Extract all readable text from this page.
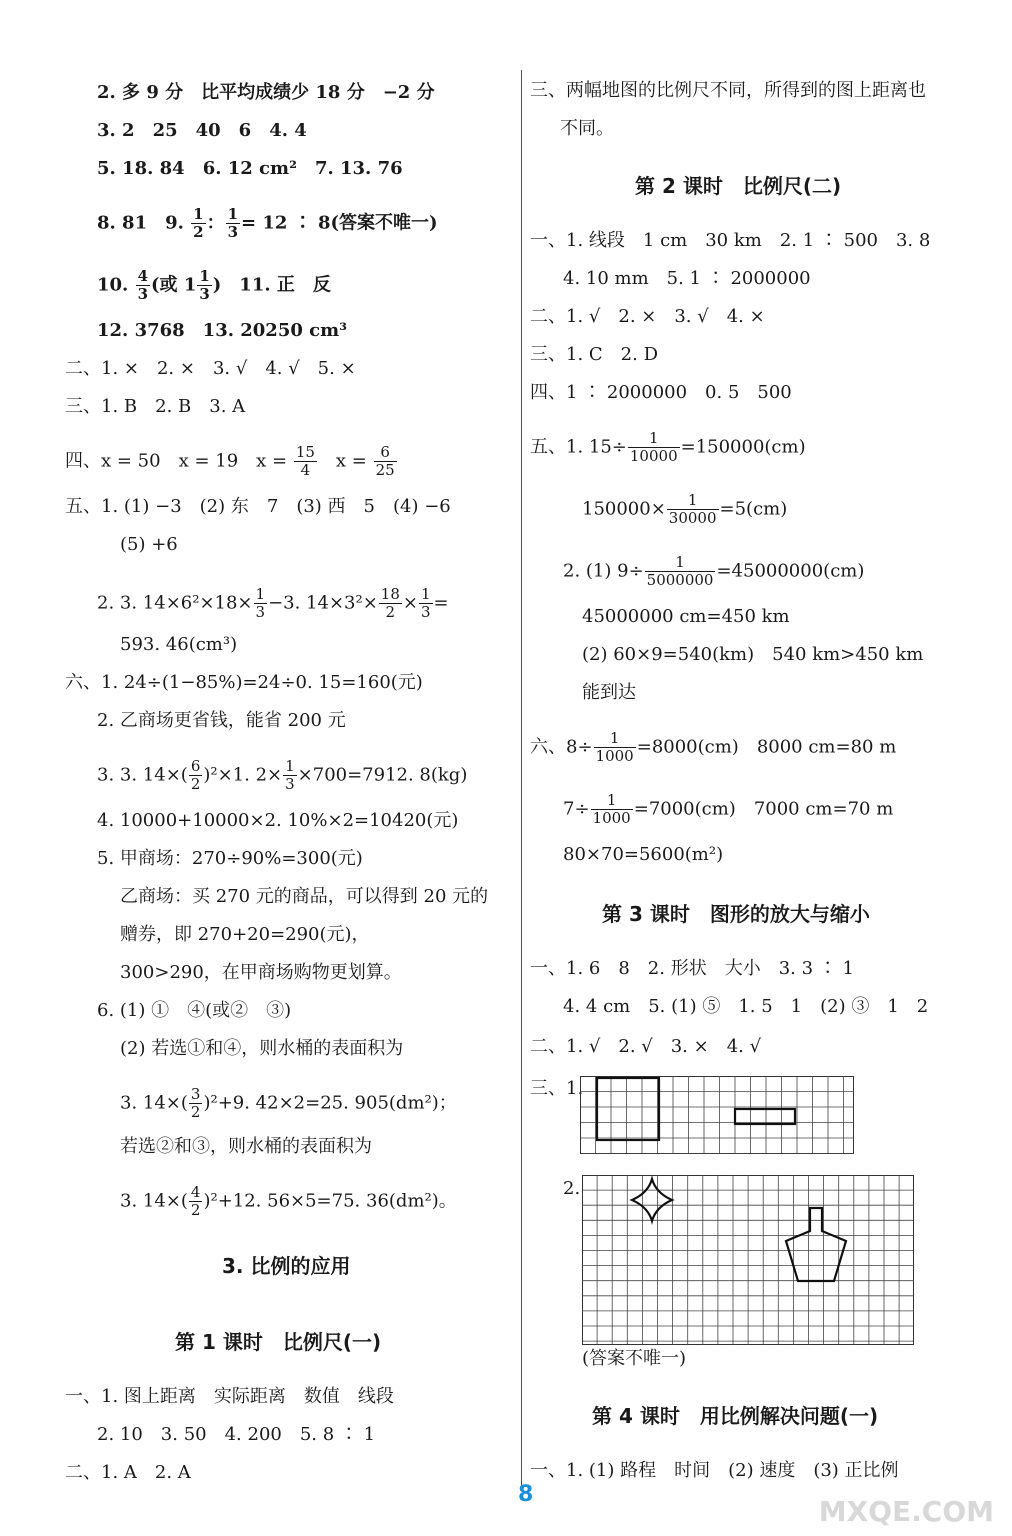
2. 多 9 分　比平均成绩少 18 分　−2 分
3. 2　25　40　6　4. 4
5. 18. 84　6. 12 cm²　7. 13. 76
8. 81　9. $\frac{1}{2}$ ： $\frac{1}{3} = 12$ ∶ 8(答案不唯一)
10. $\frac{4}{3}$ (或 $1 \frac{1}{3}$ )　11. 正　反
12. 3768　13. 20250 cm³
二、1. ×　2. ×　3. √　4. √　5. ×
三、1. B　2. B　3. A
四、x = 50　x = 19　$x = \frac{15}{4}$ 　$x = \frac{6}{25}$
五、1. (1) −3　(2) 东　7　(3) 西　5　(4) −6
(5) +6
2. 3. $14\times 6^2\times 18\times \frac{1}{3} -3$. $14\times 3^2\times \frac{18}{2} \times \frac{1}{3}$ =
593. 46(cm³)
六、1. 24÷(1−85%)=24÷0. 15=160(元)
2. 乙商场更省钱，能省 200 元
3. 3. $14\times( \frac{6}{2} )^2\times 1$. $2\times \frac{1}{3} \times 700=7912$. 8(kg)
4. 10000+10000×2. 10%×2=10420(元)
5. 甲商场：270÷90%=300(元)
乙商场：买 270 元的商品，可以得到 20 元的
赠券，即 270+20=290(元)，
300>290，在甲商场购物更划算。
6. (1) ①　④(或②　③)
(2) 若选①和④，则水桶的表面积为
3. $14\times( \frac{3}{2} )^2+9$. 42×2=25. 905(dm²)；
若选②和③，则水桶的表面积为
3. $14\times( \frac{4}{2} )^2+12$. 56×5=75. 36(dm²)。
3. 比例的应用
第 1 课时　比例尺(一)
一、1. 图上距离　实际距离　数值　线段
2. 10　3. 50　4. 200　5. 8 ∶ 1
二、1. A　2. A
三、两幅地图的比例尺不同，所得到的图上距离也
不同。
第 2 课时　比例尺(二)
一、1. 线段　1 cm　30 km　2. 1 ∶ 500　3. 8
4. 10 mm　5. 1 ∶ 2000000
二、1. √　2. ×　3. √　4. ×
三、1. C　2. D
四、1 ∶ 2000000　0. 5　500
五、1. $15\div \frac{1}{10000} =150000(cm)$
$150000\times \frac{1}{30000} =5(cm)$
2. (1) $9\div \frac{1}{5000000} =45000000(cm)$
45000000 cm=450 km
(2) 60×9=540(km)　540 km>450 km
能到达
六、$8\div \frac{1}{1000} =8000(cm)$　8000 cm=80 m
$7\div \frac{1}{1000} =7000(cm)$　7000 cm=70 m
80×70=5600(m²)
第 3 课时　图形的放大与缩小
一、1. 6　8　2. 形状　大小　3. 3 ∶ 1
4. 4 cm　5. (1) ⑤　1. 5　1　(2) ③　1　2
二、1. √　2. √　3. ×　4. √
三、1.
2.
(答案不唯一)
第 4 课时　用比例解决问题(一)
一、1. (1) 路程　时间　(2) 速度　(3) 正比例
8
MXQE.COM
